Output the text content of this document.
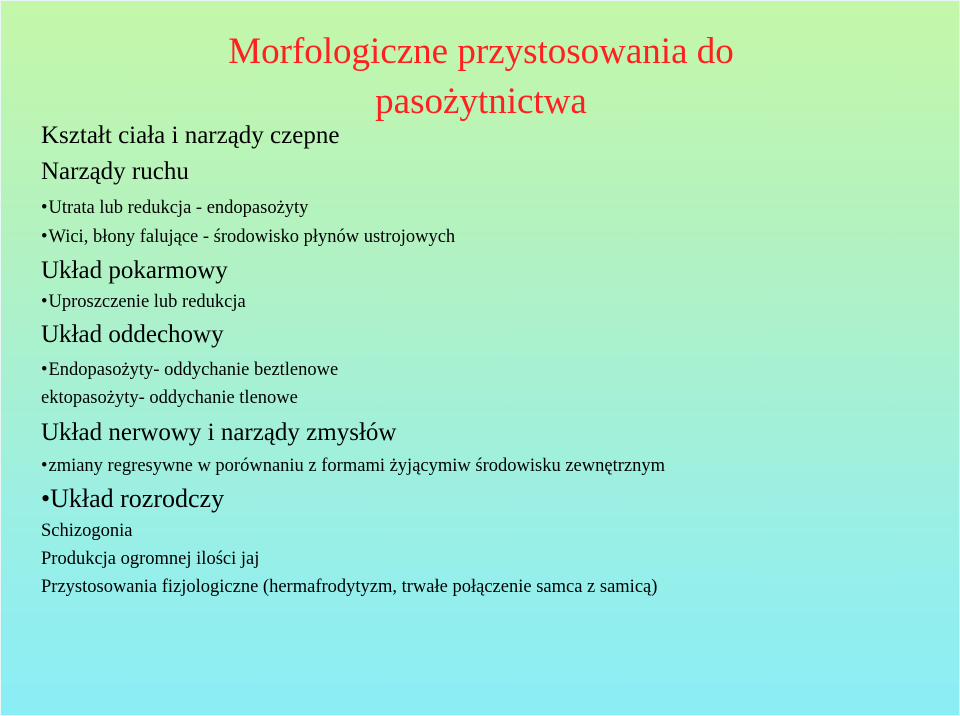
Morfologiczne przystosowania do
pasożytnictwa

Kształt ciała i narządy czepne

Narządy ruchu

•Utrata lub redukcja - endopasożyty

•Wici, błony falujące - środowisko płynów ustrojowych

Układ pokarmowy

•Uproszczenie lub redukcja

Układ oddechowy

•Endopasożyty- oddychanie beztlenowe

ektopasożyty- oddychanie tlenowe

Układ nerwowy i narządy zmysłów

•zmiany regresywne w porównaniu z formami żyjącymiw środowisku zewnętrznym

•Układ rozrodczy

Schizogonia

Produkcja ogromnej ilości jaj

Przystosowania fizjologiczne (hermafrodytyzm, trwałe połączenie samca z samicą)
